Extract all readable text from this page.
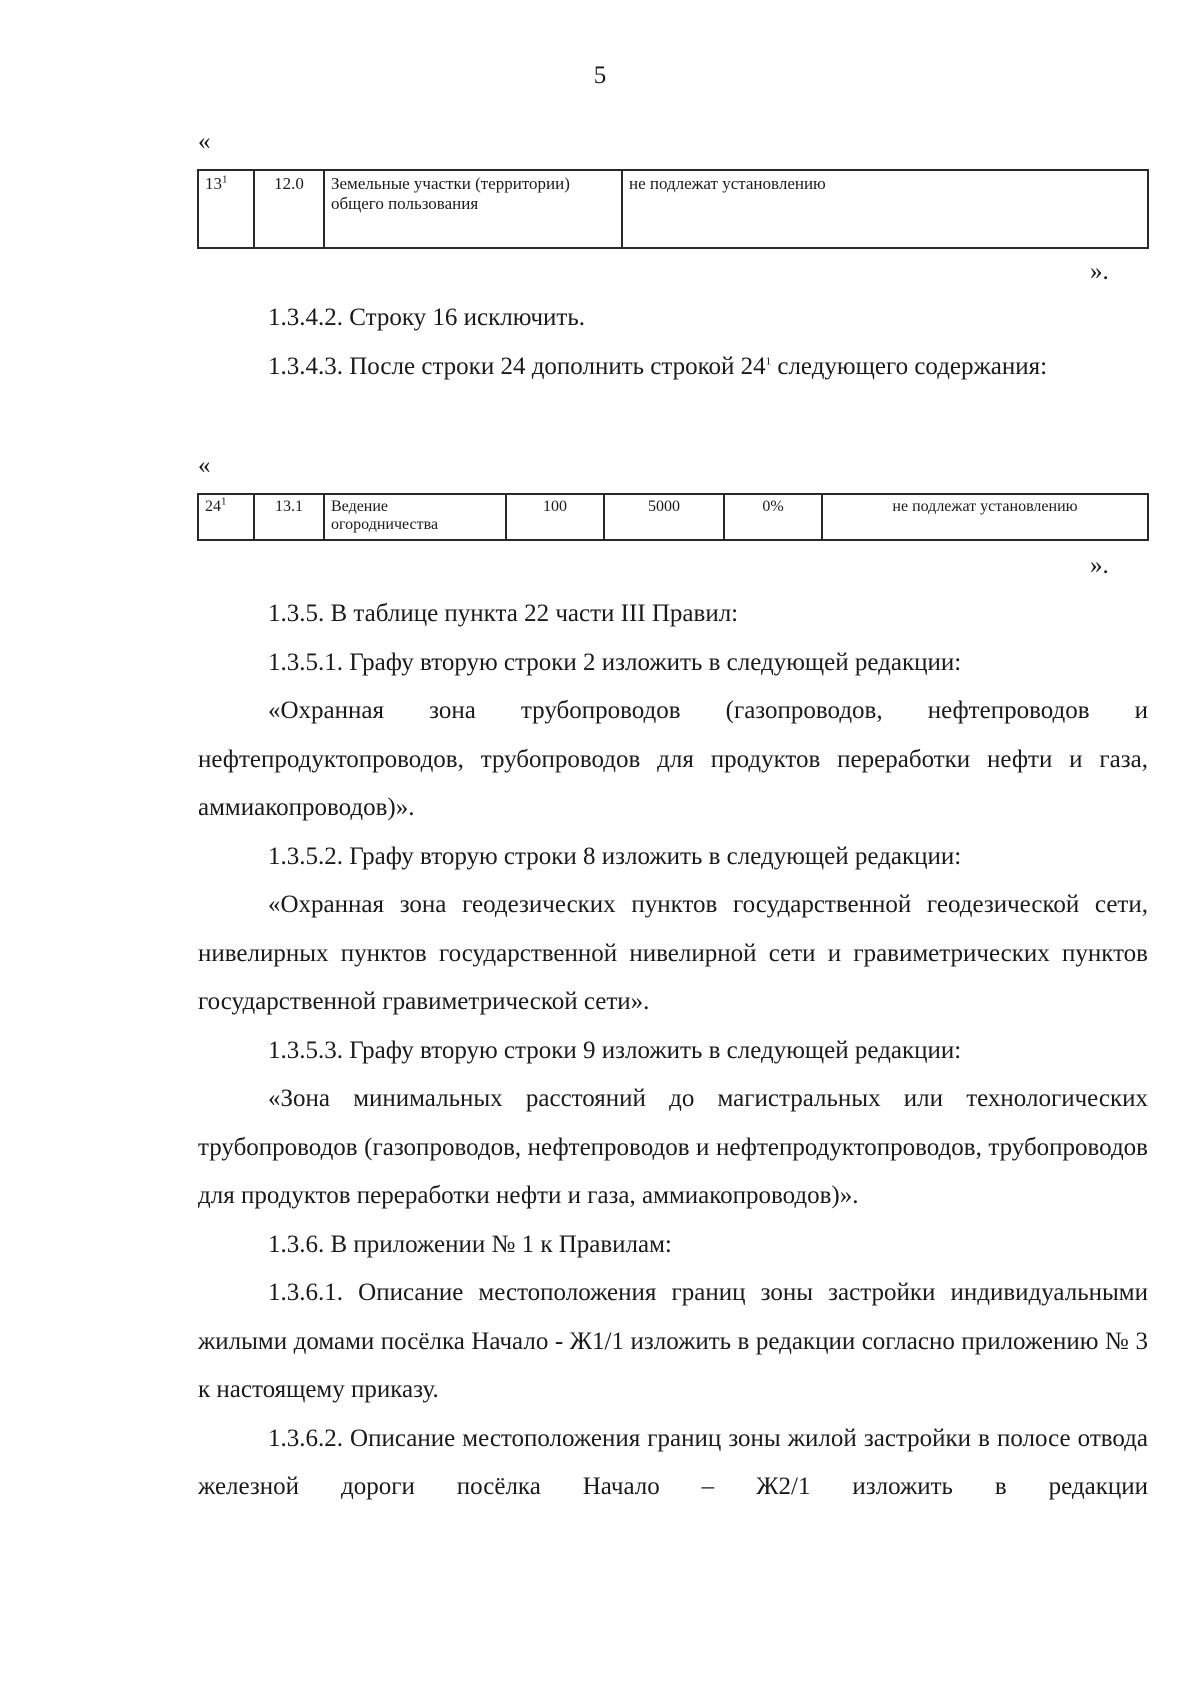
5
«
$13^1$	12.0	Земельные участки (территории) общего пользования	не подлежат установлению
».

1.3.4.2. Строку 16 исключить.

1.3.4.3. После строки 24 дополнить строкой $24^1$ следующего содержания:

«
$24^1$	13.1	Ведение огородничества	100	5000	0%	не подлежат установлению
».

1.3.5. В таблице пункта 22 части III Правил:

1.3.5.1. Графу вторую строки 2 изложить в следующей редакции:

«Охранная зона трубопроводов (газопроводов, нефтепроводов и нефтепродуктопроводов, трубопроводов для продуктов переработки нефти и газа, аммиакопроводов)».

1.3.5.2. Графу вторую строки 8 изложить в следующей редакции:

«Охранная зона геодезических пунктов государственной геодезической сети, нивелирных пунктов государственной нивелирной сети и гравиметрических пунктов государственной гравиметрической сети».

1.3.5.3. Графу вторую строки 9 изложить в следующей редакции:

«Зона минимальных расстояний до магистральных или технологических трубопроводов (газопроводов, нефтепроводов и нефтепродуктопроводов, трубопроводов для продуктов переработки нефти и газа, аммиакопроводов)».

1.3.6. В приложении № 1 к Правилам:

1.3.6.1. Описание местоположения границ зоны застройки индивидуальными жилыми домами посёлка Начало - Ж1/1 изложить в редакции согласно приложению № 3 к настоящему приказу.

1.3.6.2. Описание местоположения границ зоны жилой застройки в полосе отвода железной дороги посёлка Начало – Ж2/1 изложить в редакции
